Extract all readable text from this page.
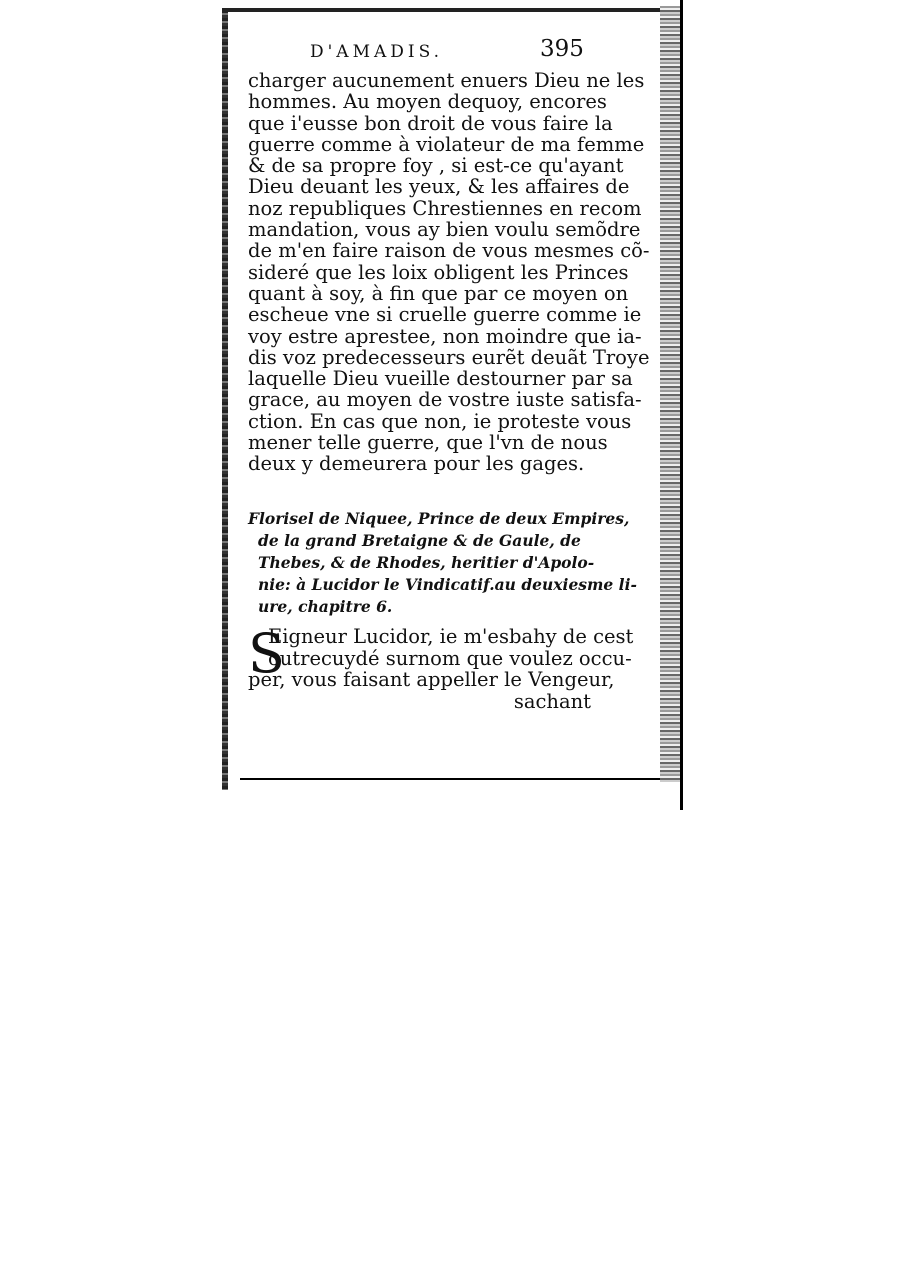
D'AMADIS.	395
charger aucunement enuers Dieu ne les
hommes. Au moyen dequoy, encores
que i'eusse bon droit de vous faire la
guerre comme à violateur de ma femme
& de sa propre foy , si est-ce qu'ayant
Dieu deuant les yeux, & les affaires de
noz republiques Chrestiennes en recom
mandation, vous ay bien voulu semõdre
de m'en faire raison de vous mesmes cõ-
sideré que les loix obligent les Princes
quant à soy, à fin que par ce moyen on
escheue vne si cruelle guerre comme ie
voy estre aprestee, non moindre que ia-
dis voz predecesseurs eurẽt deuãt Troye
laquelle Dieu vueille destourner par sa
grace, au moyen de vostre iuste satisfa-
ction. En cas que non, ie proteste vous
mener telle guerre, que l'vn de nous
deux y demeurera pour les gages.
Florisel de Niquee, Prince de deux Empires,
de la grand Bretaigne & de Gaule, de
Thebes, & de Rhodes, heritier d'Apolo-
nie: à Lucidor le Vindicatif.au deuxiesme li-
ure, chapitre 6.
S
Eigneur Lucidor, ie m'esbahy de cest
outrecuydé surnom que voulez occu-
per, vous faisant appeller le Vengeur,
sachant
